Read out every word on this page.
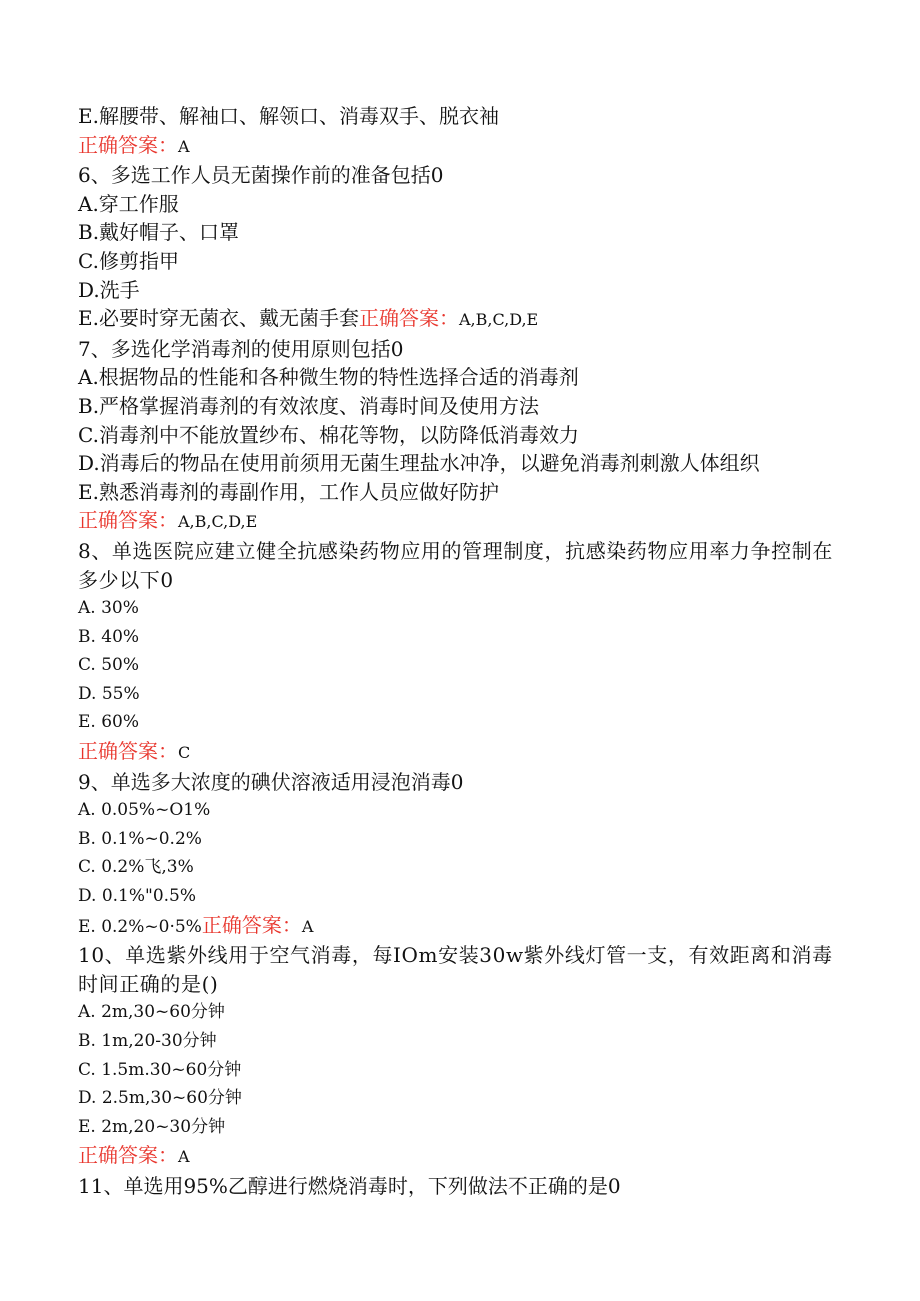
E.解腰带、解袖口、解领口、消毒双手、脱衣袖
正确答案：A
6、多选工作人员无菌操作前的准备包括0
A.穿工作服
B.戴好帽子、口罩
C.修剪指甲
D.洗手
E.必要时穿无菌衣、戴无菌手套正确答案：A,B,C,D,E
7、多选化学消毒剂的使用原则包括0
A.根据物品的性能和各种微生物的特性选择合适的消毒剂
B.严格掌握消毒剂的有效浓度、消毒时间及使用方法
C.消毒剂中不能放置纱布、棉花等物，以防降低消毒效力
D.消毒后的物品在使用前须用无菌生理盐水冲净，以避免消毒剂刺激人体组织
E.熟悉消毒剂的毒副作用，工作人员应做好防护
正确答案：A,B,C,D,E
8、单选医院应建立健全抗感染药物应用的管理制度，抗感染药物应用率力争控制在多少以下0
A. 30%
B. 40%
C. 50%
D. 55%
E. 60%
正确答案：C
9、单选多大浓度的碘伏溶液适用浸泡消毒0
A. 0.05%~O1%
B. 0.1%~0.2%
C. 0.2%飞,3%
D. 0.1%"0.5%
E. 0.2%~0·5%正确答案：A
10、单选紫外线用于空气消毒，每IOm安装30w紫外线灯管一支，有效距离和消毒时间正确的是()
A. 2m,30~60分钟
B. 1m,20-30分钟
C. 1.5m.30~60分钟
D. 2.5m,30~60分钟
E. 2m,20~30分钟
正确答案：A
11、单选用95%乙醇进行燃烧消毒时，下列做法不正确的是0
